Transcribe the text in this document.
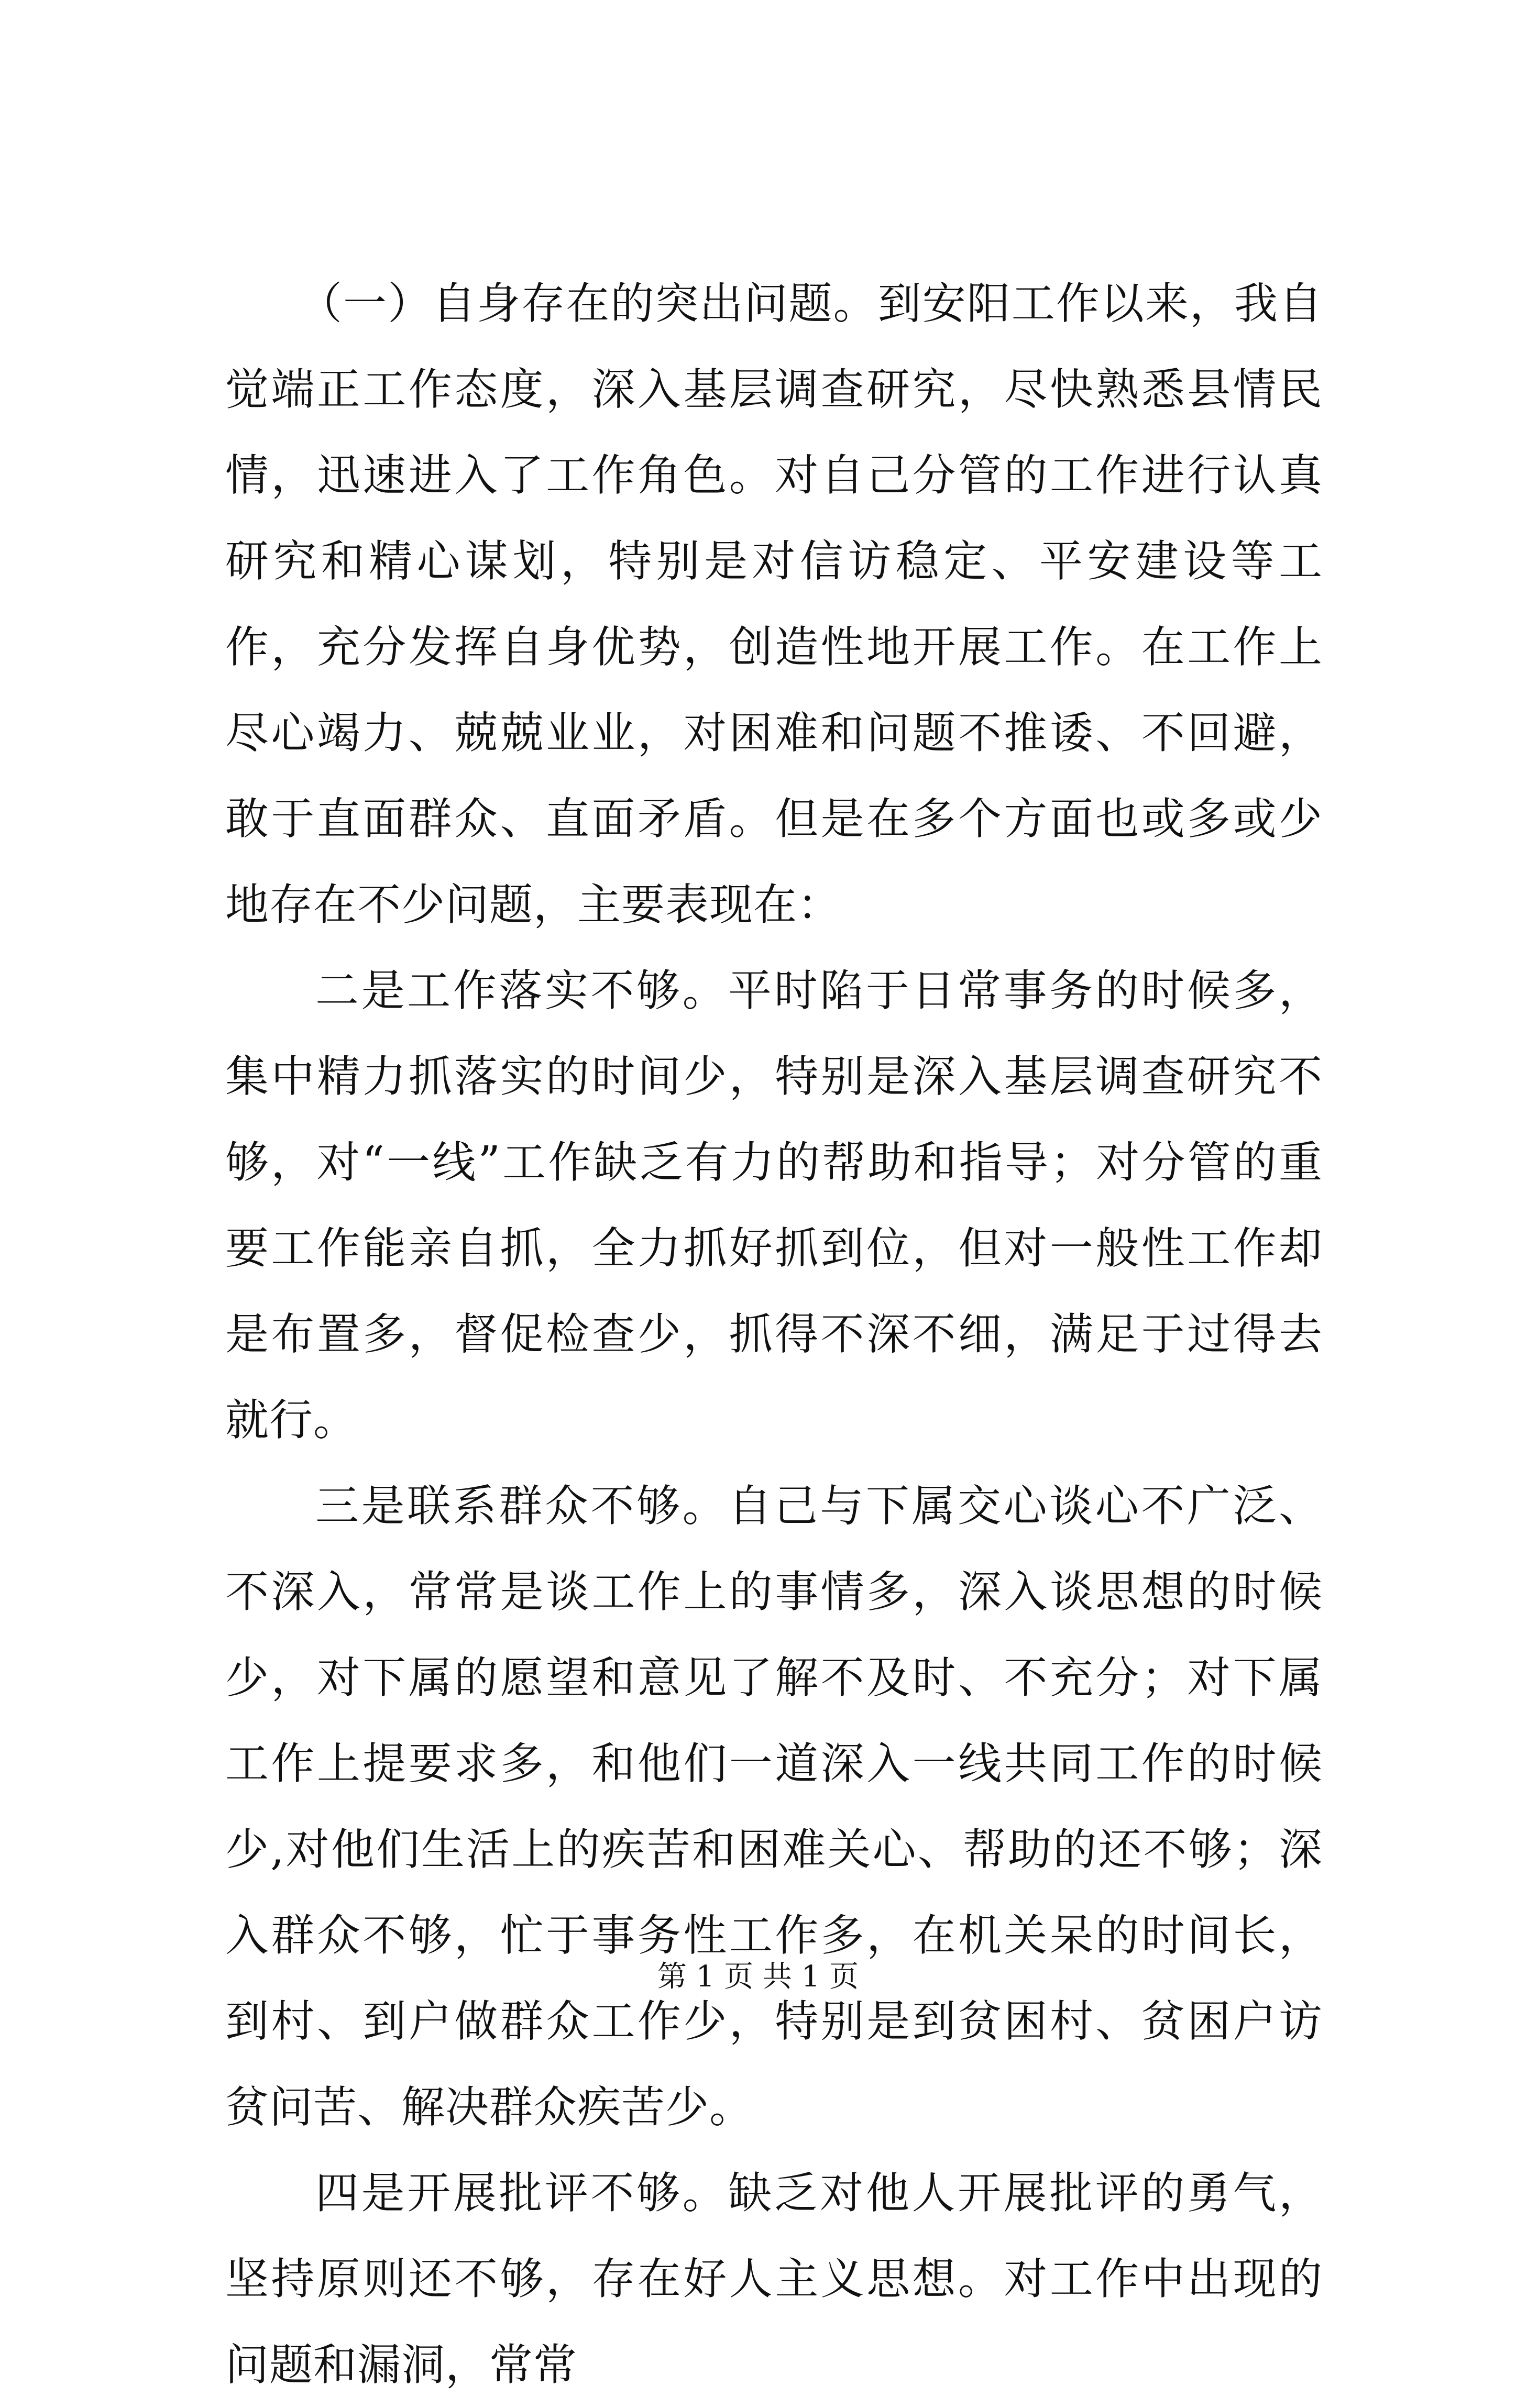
（一）自身存在的突出问题。到安阳工作以来，我自觉端正工作态度，深入基层调查研究，尽快熟悉县情民情，迅速进入了工作角色。对自己分管的工作进行认真研究和精心谋划，特别是对信访稳定、平安建设等工作，充分发挥自身优势，创造性地开展工作。在工作上尽心竭力、兢兢业业，对困难和问题不推诿、不回避，敢于直面群众、直面矛盾。但是在多个方面也或多或少地存在不少问题，主要表现在：

二是工作落实不够。平时陷于日常事务的时候多，集中精力抓落实的时间少，特别是深入基层调查研究不够，对“一线”工作缺乏有力的帮助和指导；对分管的重要工作能亲自抓，全力抓好抓到位，但对一般性工作却是布置多，督促检查少，抓得不深不细，满足于过得去就行。

三是联系群众不够。自己与下属交心谈心不广泛、不深入，常常是谈工作上的事情多，深入谈思想的时候少，对下属的愿望和意见了解不及时、不充分；对下属工作上提要求多，和他们一道深入一线共同工作的时候少,对他们生活上的疾苦和困难关心、帮助的还不够；深入群众不够，忙于事务性工作多，在机关呆的时间长，到村、到户做群众工作少，特别是到贫困村、贫困户访贫问苦、解决群众疾苦少。

四是开展批评不够。缺乏对他人开展批评的勇气，坚持原则还不够，存在好人主义思想。对工作中出现的问题和漏洞，常常

第 1 页 共 1 页
